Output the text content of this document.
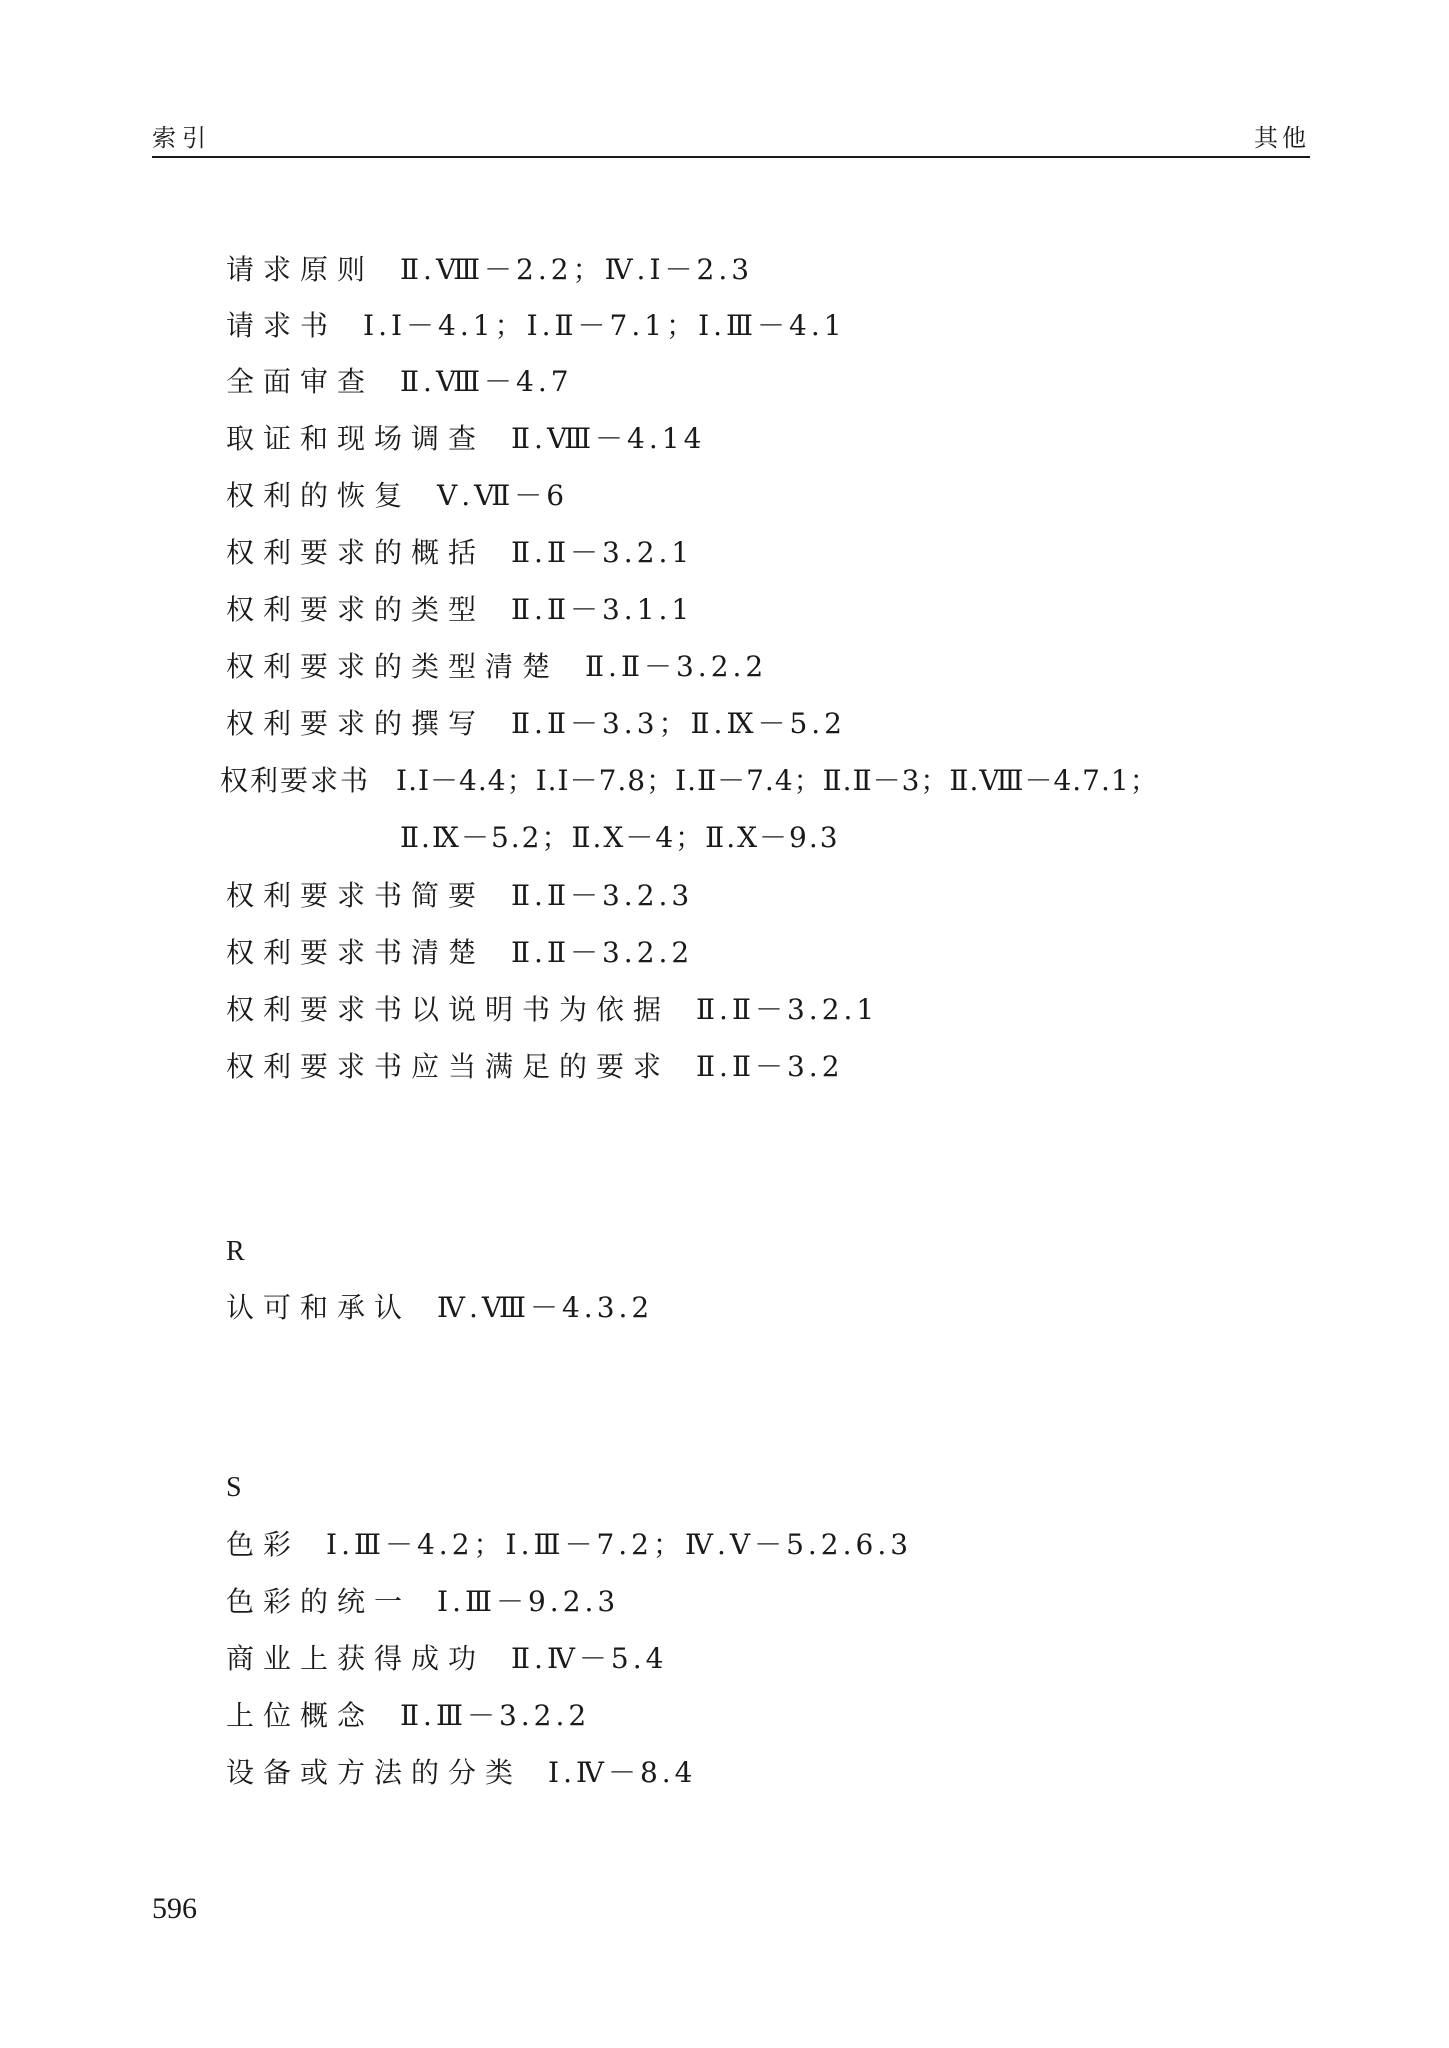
索引	其他
请求原则 Ⅱ.Ⅷ－2.2；Ⅳ.Ⅰ－2.3
请求书 Ⅰ.Ⅰ－4.1；Ⅰ.Ⅱ－7.1；Ⅰ.Ⅲ－4.1
全面审查 Ⅱ.Ⅷ－4.7
取证和现场调查 Ⅱ.Ⅷ－4.14
权利的恢复 Ⅴ.Ⅶ－6
权利要求的概括 Ⅱ.Ⅱ－3.2.1
权利要求的类型 Ⅱ.Ⅱ－3.1.1
权利要求的类型清楚 Ⅱ.Ⅱ－3.2.2
权利要求的撰写 Ⅱ.Ⅱ－3.3；Ⅱ.Ⅸ－5.2
权利要求书 Ⅰ.Ⅰ－4.4；Ⅰ.Ⅰ－7.8；Ⅰ.Ⅱ－7.4；Ⅱ.Ⅱ－3；Ⅱ.Ⅷ－4.7.1；
Ⅱ.Ⅸ－5.2；Ⅱ.Ⅹ－4；Ⅱ.Ⅹ－9.3
权利要求书简要 Ⅱ.Ⅱ－3.2.3
权利要求书清楚 Ⅱ.Ⅱ－3.2.2
权利要求书以说明书为依据 Ⅱ.Ⅱ－3.2.1
权利要求书应当满足的要求 Ⅱ.Ⅱ－3.2
R
认可和承认 Ⅳ.Ⅷ－4.3.2
S
色彩 Ⅰ.Ⅲ－4.2；Ⅰ.Ⅲ－7.2；Ⅳ.Ⅴ－5.2.6.3
色彩的统一 Ⅰ.Ⅲ－9.2.3
商业上获得成功 Ⅱ.Ⅳ－5.4
上位概念 Ⅱ.Ⅲ－3.2.2
设备或方法的分类 Ⅰ.Ⅳ－8.4
596
